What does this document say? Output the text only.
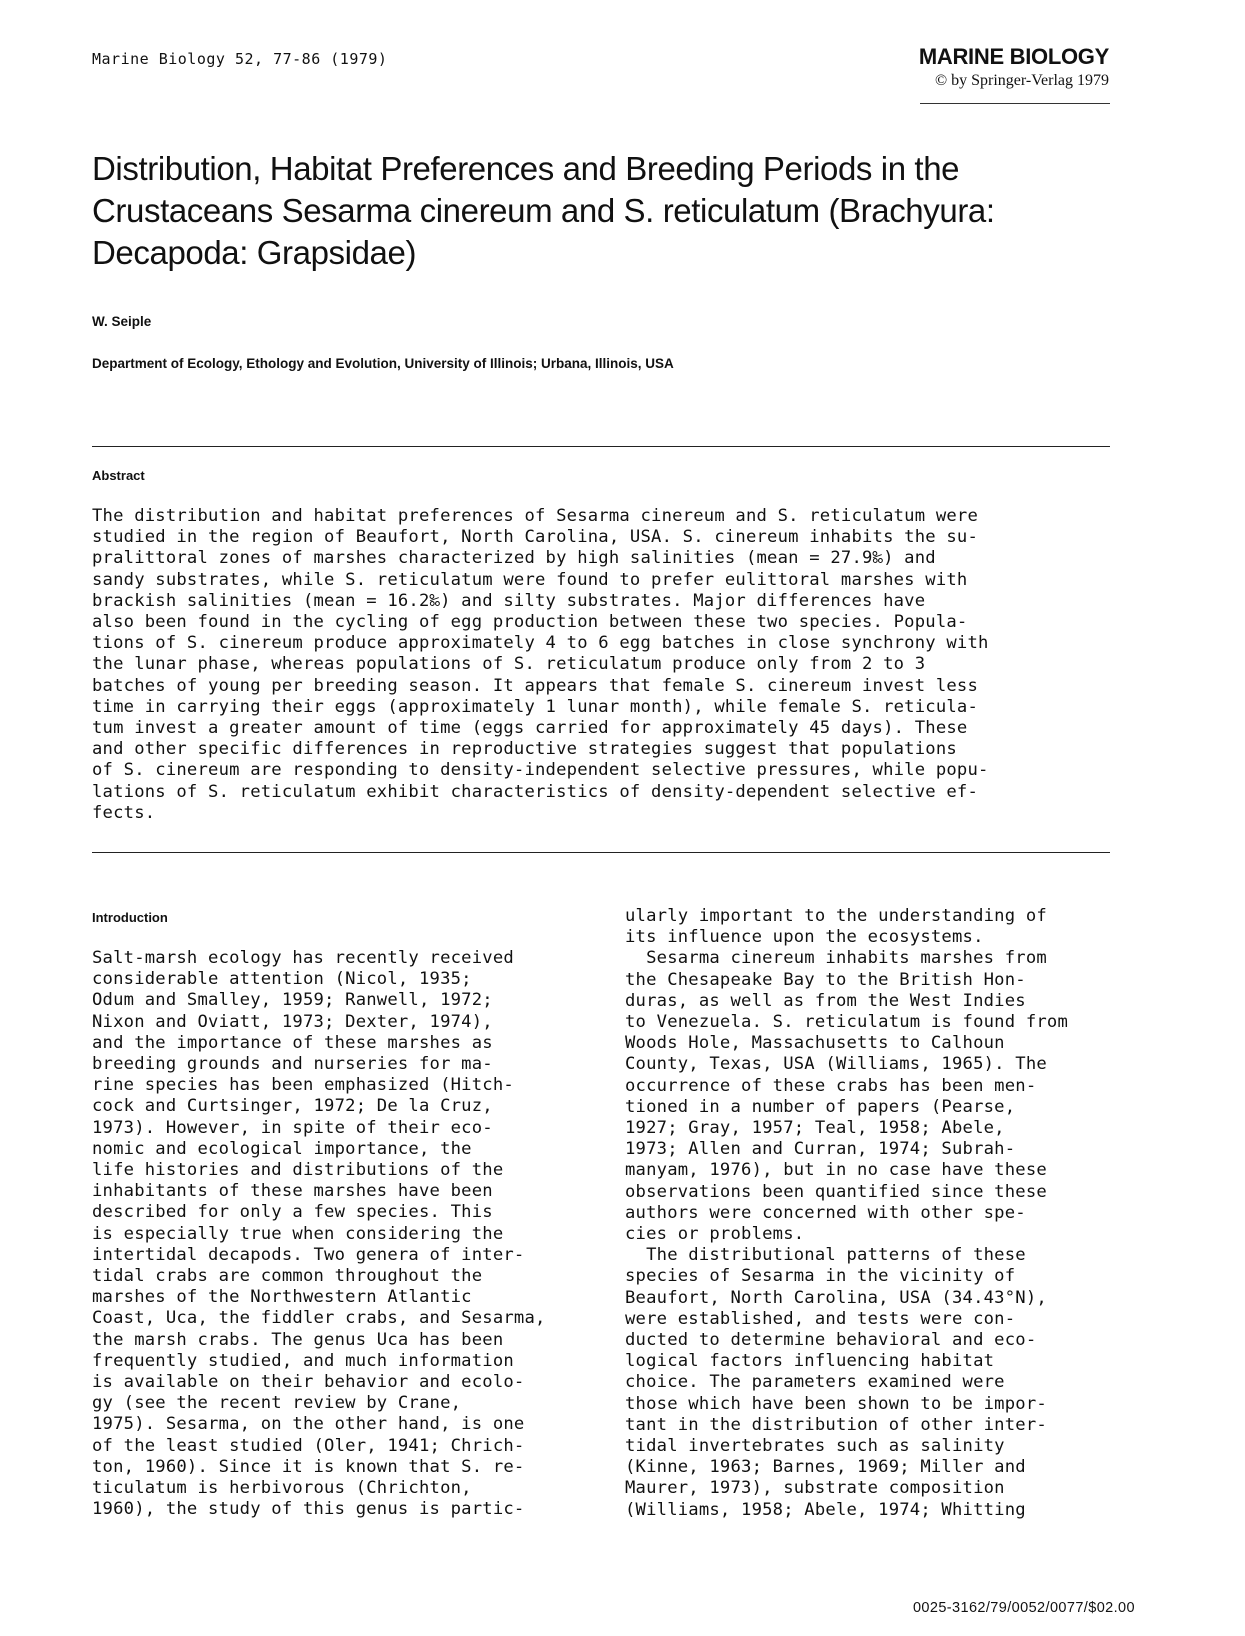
Marine Biology 52, 77-86 (1979)	MARINE BIOLOGY
© by Springer-Verlag 1979
Distribution, Habitat Preferences and Breeding Periods in the
Crustaceans Sesarma cinereum and S. reticulatum (Brachyura:
Decapoda: Grapsidae)
W. Seiple
Department of Ecology, Ethology and Evolution, University of Illinois; Urbana, Illinois, USA
Abstract
The distribution and habitat preferences of Sesarma cinereum and S. reticulatum were
studied in the region of Beaufort, North Carolina, USA. S. cinereum inhabits the su-
pralittoral zones of marshes characterized by high salinities (mean = 27.9‰) and
sandy substrates, while S. reticulatum were found to prefer eulittoral marshes with
brackish salinities (mean = 16.2‰) and silty substrates. Major differences have
also been found in the cycling of egg production between these two species. Popula-
tions of S. cinereum produce approximately 4 to 6 egg batches in close synchrony with
the lunar phase, whereas populations of S. reticulatum produce only from 2 to 3
batches of young per breeding season. It appears that female S. cinereum invest less
time in carrying their eggs (approximately 1 lunar month), while female S. reticula-
tum invest a greater amount of time (eggs carried for approximately 45 days). These
and other specific differences in reproductive strategies suggest that populations
of S. cinereum are responding to density-independent selective pressures, while popu-
lations of S. reticulatum exhibit characteristics of density-dependent selective ef-
fects.
Introduction
Salt-marsh ecology has recently received
considerable attention (Nicol, 1935;
Odum and Smalley, 1959; Ranwell, 1972;
Nixon and Oviatt, 1973; Dexter, 1974),
and the importance of these marshes as
breeding grounds and nurseries for ma-
rine species has been emphasized (Hitch-
cock and Curtsinger, 1972; De la Cruz,
1973). However, in spite of their eco-
nomic and ecological importance, the
life histories and distributions of the
inhabitants of these marshes have been
described for only a few species. This
is especially true when considering the
intertidal decapods. Two genera of inter-
tidal crabs are common throughout the
marshes of the Northwestern Atlantic
Coast, Uca, the fiddler crabs, and Sesarma,
the marsh crabs. The genus Uca has been
frequently studied, and much information
is available on their behavior and ecolo-
gy (see the recent review by Crane,
1975). Sesarma, on the other hand, is one
of the least studied (Oler, 1941; Chrich-
ton, 1960). Since it is known that S. re-
ticulatum is herbivorous (Chrichton,
1960), the study of this genus is partic-
ularly important to the understanding of
its influence upon the ecosystems.
Sesarma cinereum inhabits marshes from
the Chesapeake Bay to the British Hon-
duras, as well as from the West Indies
to Venezuela. S. reticulatum is found from
Woods Hole, Massachusetts to Calhoun
County, Texas, USA (Williams, 1965). The
occurrence of these crabs has been men-
tioned in a number of papers (Pearse,
1927; Gray, 1957; Teal, 1958; Abele,
1973; Allen and Curran, 1974; Subrah-
manyam, 1976), but in no case have these
observations been quantified since these
authors were concerned with other spe-
cies or problems.
The distributional patterns of these
species of Sesarma in the vicinity of
Beaufort, North Carolina, USA (34.43°N),
were established, and tests were con-
ducted to determine behavioral and eco-
logical factors influencing habitat
choice. The parameters examined were
those which have been shown to be impor-
tant in the distribution of other inter-
tidal invertebrates such as salinity
(Kinne, 1963; Barnes, 1969; Miller and
Maurer, 1973), substrate composition
(Williams, 1958; Abele, 1974; Whitting
0025-3162/79/0052/0077/$02.00
